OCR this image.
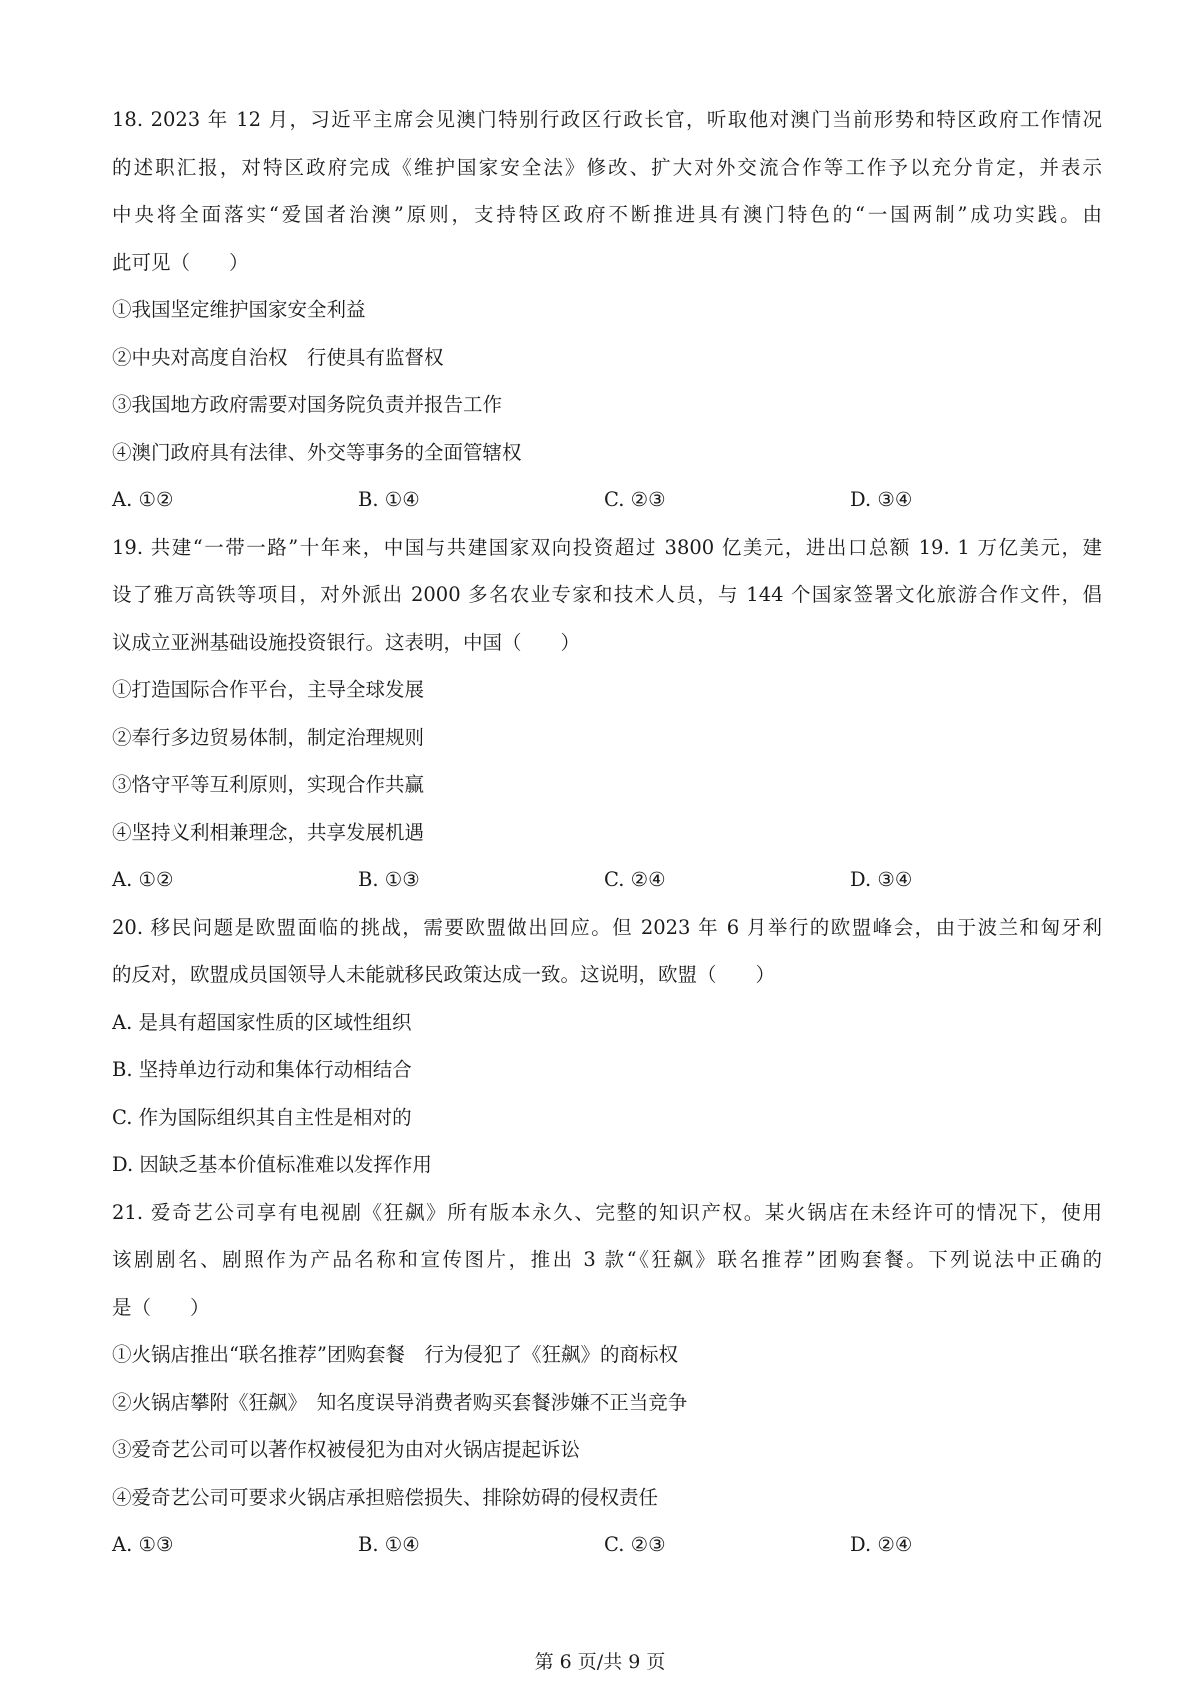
18. 2023 年 12 月，习近平主席会见澳门特别行政区行政长官，听取他对澳门当前形势和特区政府工作情况
的述职汇报，对特区政府完成《维护国家安全法》修改、扩大对外交流合作等工作予以充分肯定，并表示
中央将全面落实“爱国者治澳”原则，支持特区政府不断推进具有澳门特色的“一国两制”成功实践。由
此可见（　　）
①我国坚定维护国家安全利益
②中央对高度自治权　行使具有监督权
③我国地方政府需要对国务院负责并报告工作
④澳门政府具有法律、外交等事务的全面管辖权
A. ①②	B. ①④	C. ②③	D. ③④
19. 共建“一带一路”十年来，中国与共建国家双向投资超过 3800 亿美元，进出口总额 19. 1 万亿美元，建
设了雅万高铁等项目，对外派出 2000 多名农业专家和技术人员，与 144 个国家签署文化旅游合作文件，倡
议成立亚洲基础设施投资银行。这表明，中国（　　）
①打造国际合作平台，主导全球发展
②奉行多边贸易体制，制定治理规则
③恪守平等互利原则，实现合作共赢
④坚持义利相兼理念，共享发展机遇
A. ①②	B. ①③	C. ②④	D. ③④
20. 移民问题是欧盟面临的挑战，需要欧盟做出回应。但 2023 年 6 月举行的欧盟峰会，由于波兰和匈牙利
的反对，欧盟成员国领导人未能就移民政策达成一致。这说明，欧盟（　　）
A. 是具有超国家性质的区域性组织
B. 坚持单边行动和集体行动相结合
C. 作为国际组织其自主性是相对的
D. 因缺乏基本价值标准难以发挥作用
21. 爱奇艺公司享有电视剧《狂飙》所有版本永久、完整的知识产权。某火锅店在未经许可的情况下，使用
该剧剧名、剧照作为产品名称和宣传图片，推出 3 款“《狂飙》联名推荐”团购套餐。下列说法中正确的
是（　　）
①火锅店推出“联名推荐”团购套餐　行为侵犯了《狂飙》的商标权
②火锅店攀附《狂飙》　知名度误导消费者购买套餐涉嫌不正当竞争
③爱奇艺公司可以著作权被侵犯为由对火锅店提起诉讼
④爱奇艺公司可要求火锅店承担赔偿损失、排除妨碍的侵权责任
A. ①③	B. ①④	C. ②③	D. ②④
第 6 页/共 9 页
